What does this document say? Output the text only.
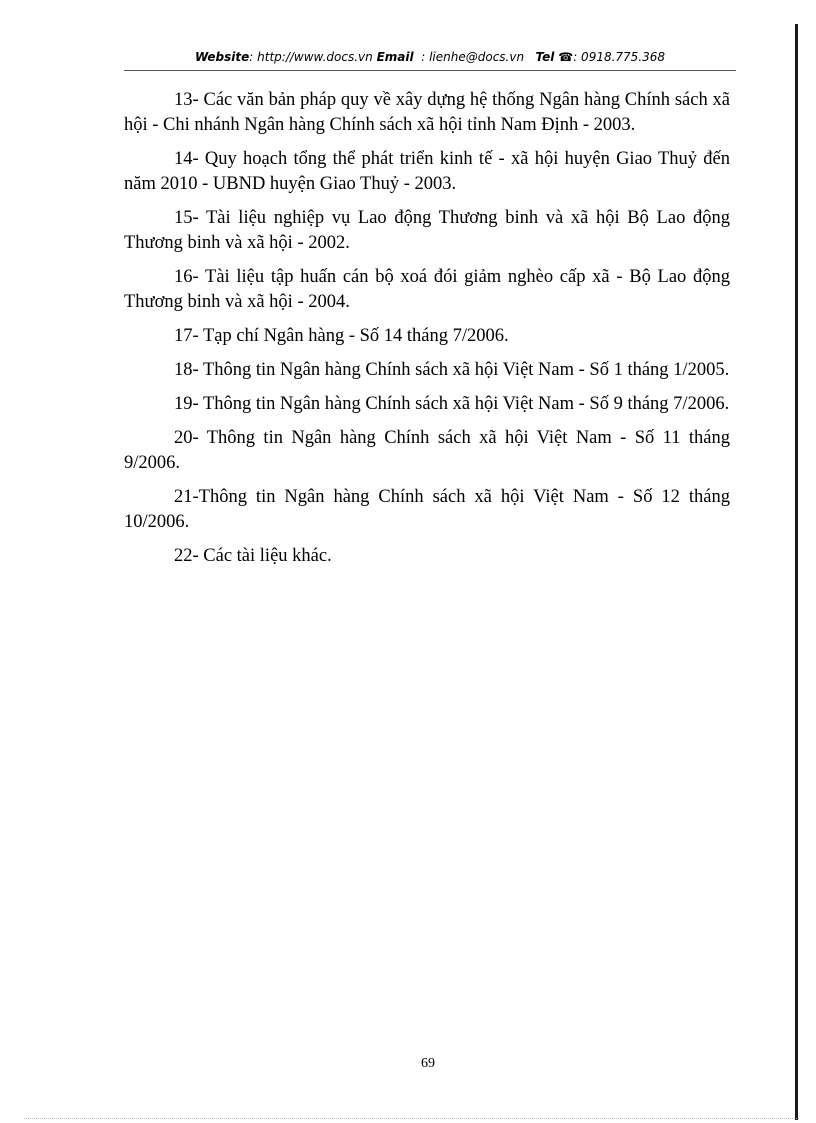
Website: http://www.docs.vn Email : lienhe@docs.vn Tel ☎: 0918.775.368

13- Các văn bản pháp quy về xây dựng hệ thống Ngân hàng Chính sách xã hội - Chi nhánh Ngân hàng Chính sách xã hội tỉnh Nam Định - 2003.

14- Quy hoạch tổng thể phát triển kinh tế - xã hội huyện Giao Thuỷ đến năm 2010 - UBND huyện Giao Thuỷ - 2003.

15- Tài liệu nghiệp vụ Lao động Thương binh và xã hội Bộ Lao động Thương binh và xã hội - 2002.

16- Tài liệu tập huấn cán bộ xoá đói giảm nghèo cấp xã - Bộ Lao động Thương binh và xã hội - 2004.

17- Tạp chí Ngân hàng - Số 14 tháng 7/2006.

18- Thông tin Ngân hàng Chính sách xã hội Việt Nam - Số 1 tháng 1/2005.

19- Thông tin Ngân hàng Chính sách xã hội Việt Nam - Số 9 tháng 7/2006.

20- Thông tin Ngân hàng Chính sách xã hội Việt Nam - Số 11 tháng 9/2006.

21-Thông tin Ngân hàng Chính sách xã hội Việt Nam - Số 12 tháng 10/2006.

22- Các tài liệu khác.

69
